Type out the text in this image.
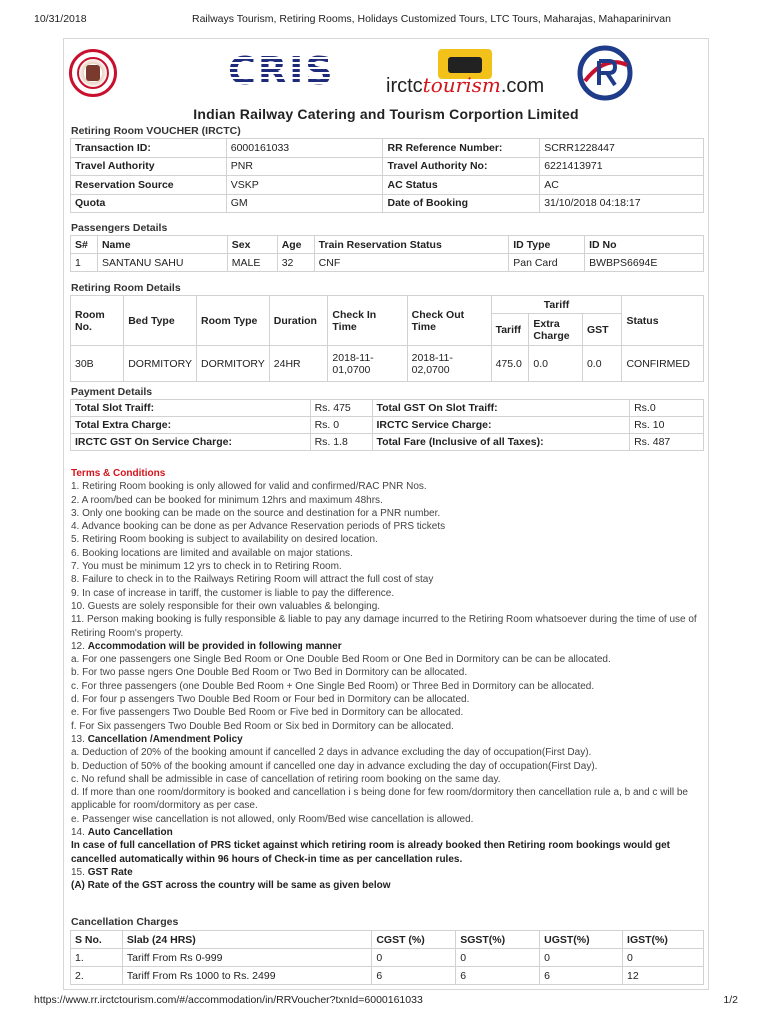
10/31/2018	Railways Tourism, Retiring Rooms, Holidays Customized Tours, LTC Tours, Maharajas, Mahaparinirvan
CRIS	irctctourism.com
Indian Railway Catering and Tourism Corportion Limited
Retiring Room VOUCHER (IRCTC)
Transaction ID:	6000161033	RR Reference Number:	SCRR1228447
Travel Authority	PNR	Travel Authority No:	6221413971
Reservation Source	VSKP	AC Status	AC
Quota	GM	Date of Booking	31/10/2018 04:18:17
Passengers Details
S#	Name	Sex	Age	Train Reservation Status	ID Type	ID No
1	SANTANU SAHU	MALE	32	CNF	Pan Card	BWBPS6694E
Retiring Room Details
Room No.	Bed Type	Room Type	Duration	Check In Time	Check Out Time	Tariff			Status
						Tariff	Extra Charge	GST	
30B	DORMITORY	DORMITORY	24HR	2018-11-01,0700	2018-11-02,0700	475.0	0.0	0.0	CONFIRMED
Payment Details
Total Slot Traiff:	Rs. 475	Total GST On Slot Traiff:	Rs.0
Total Extra Charge:	Rs. 0	IRCTC Service Charge:	Rs. 10
IRCTC GST On Service Charge:	Rs. 1.8	Total Fare (Inclusive of all Taxes):	Rs. 487
Terms & Conditions
1. Retiring Room booking is only allowed for valid and confirmed/RAC PNR Nos.
2. A room/bed can be booked for minimum 12hrs and maximum 48hrs.
3. Only one booking can be made on the source and destination for a PNR number.
4. Advance booking can be done as per Advance Reservation periods of PRS tickets
5. Retiring Room booking is subject to availability on desired location.
6. Booking locations are limited and available on major stations.
7. You must be minimum 12 yrs to check in to Retiring Room.
8. Failure to check in to the Railways Retiring Room will attract the full cost of stay
9. In case of increase in tariff, the customer is liable to pay the difference.
10. Guests are solely responsible for their own valuables & belonging.
11. Person making booking is fully responsible & liable to pay any damage incurred to the Retiring Room whatsoever during the time of use of Retiring Room's property.
12. Accommodation will be provided in following manner
a. For one passengers one Single Bed Room or One Double Bed Room or One Bed in Dormitory can be can be allocated.
b. For two passe ngers One Double Bed Room or Two Bed in Dormitory can be allocated.
c. For three passengers (one Double Bed Room + One Single Bed Room) or Three Bed in Dormitory can be allocated.
d. For four p assengers Two Double Bed Room or Four bed in Dormitory can be allocated.
e. For five passengers Two Double Bed Room or Five bed in Dormitory can be allocated.
f. For Six passengers Two Double Bed Room or Six bed in Dormitory can be allocated.
13. Cancellation /Amendment Policy
a. Deduction of 20% of the booking amount if cancelled 2 days in advance excluding the day of occupation(First Day).
b. Deduction of 50% of the booking amount if cancelled one day in advance excluding the day of occupation(First Day).
c. No refund shall be admissible in case of cancellation of retiring room booking on the same day.
d. If more than one room/dormitory is booked and cancellation i s being done for few room/dormitory then cancellation rule a, b and c will be applicable for room/dormitory as per case.
e. Passenger wise cancellation is not allowed, only Room/Bed wise cancellation is allowed.
14. Auto Cancellation
In case of full cancellation of PRS ticket against which retiring room is already booked then Retiring room bookings would get cancelled automatically within 96 hours of Check-in time as per cancellation rules.
15. GST Rate
(A) Rate of the GST across the country will be same as given below
Cancellation Charges
S No.	Slab (24 HRS)	CGST (%)	SGST(%)	UGST(%)	IGST(%)
1.	Tariff From Rs 0-999	0	0	0	0
2.	Tariff From Rs 1000 to Rs. 2499	6	6	6	12
https://www.rr.irctctourism.com/#/accommodation/in/RRVoucher?txnId=6000161033	1/2
